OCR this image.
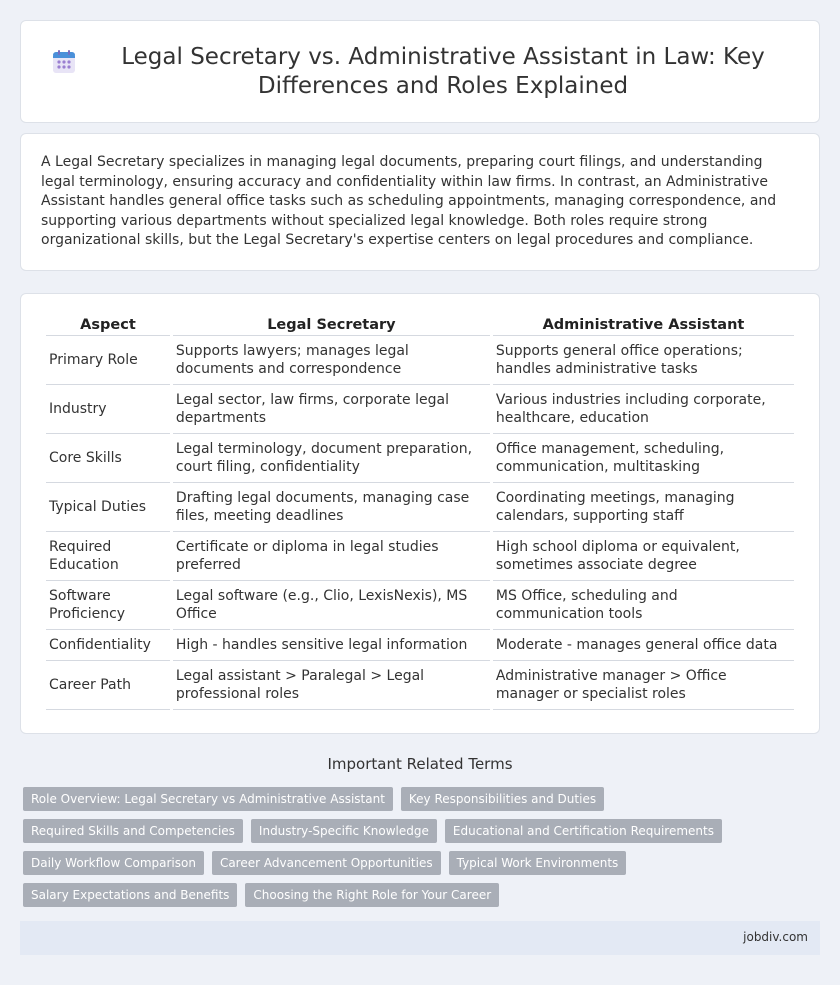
Legal Secretary vs. Administrative Assistant in Law: Key Differences and Roles Explained

A Legal Secretary specializes in managing legal documents, preparing court filings, and understanding legal terminology, ensuring accuracy and confidentiality within law firms. In contrast, an Administrative Assistant handles general office tasks such as scheduling appointments, managing correspondence, and supporting various departments without specialized legal knowledge. Both roles require strong organizational skills, but the Legal Secretary's expertise centers on legal procedures and compliance.

Aspect	Legal Secretary	Administrative Assistant
Primary Role	Supports lawyers; manages legal documents and correspondence	Supports general office operations; handles administrative tasks
Industry	Legal sector, law firms, corporate legal departments	Various industries including corporate, healthcare, education
Core Skills	Legal terminology, document preparation, court filing, confidentiality	Office management, scheduling, communication, multitasking
Typical Duties	Drafting legal documents, managing case files, meeting deadlines	Coordinating meetings, managing calendars, supporting staff
Required Education	Certificate or diploma in legal studies preferred	High school diploma or equivalent, sometimes associate degree
Software Proficiency	Legal software (e.g., Clio, LexisNexis), MS Office	MS Office, scheduling and communication tools
Confidentiality	High - handles sensitive legal information	Moderate - manages general office data
Career Path	Legal assistant > Paralegal > Legal professional roles	Administrative manager > Office manager or specialist roles
Important Related Terms
Role Overview: Legal Secretary vs Administrative Assistant	Key Responsibilities and Duties
Required Skills and Competencies	Industry-Specific Knowledge	Educational and Certification Requirements
Daily Workflow Comparison	Career Advancement Opportunities	Typical Work Environments
Salary Expectations and Benefits	Choosing the Right Role for Your Career
jobdiv.com
